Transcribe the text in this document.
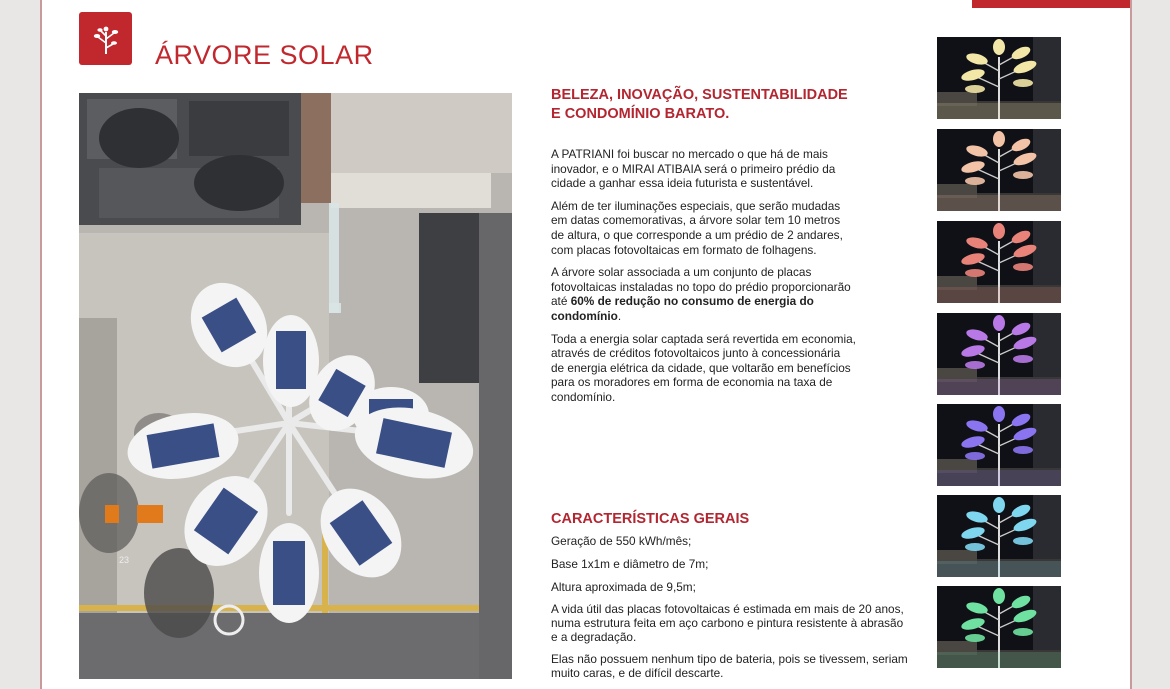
ÁRVORE SOLAR
23
BELEZA, INOVAÇÃO, SUSTENTABILIDADE
E CONDOMÍNIO BARATO.

A PATRIANI foi buscar no mercado o que há de mais inovador, e o MIRAI ATIBAIA será o primeiro prédio da cidade a ganhar essa ideia futurista e sustentável.

Além de ter iluminações especiais, que serão mudadas em datas comemorativas, a árvore solar tem 10 metros de altura, o que corresponde a um prédio de 2 andares, com placas fotovoltaicas em formato de folhagens.

A árvore solar associada a um conjunto de placas fotovoltaicas instaladas no topo do prédio proporcionarão até 60% de redução no consumo de energia do condomínio.

Toda a energia solar captada será revertida em economia, através de créditos fotovoltaicos junto à concessionária de energia elétrica da cidade, que voltarão em benefícios para os moradores em forma de economia na taxa de condomínio.

CARACTERÍSTICAS GERAIS
Geração de 550 kWh/mês;
Base 1x1m e diâmetro de 7m;
Altura aproximada de 9,5m;
A vida útil das placas fotovoltaicas é estimada em mais de 20 anos, numa estrutura feita em aço carbono e pintura resistente à abrasão e a degradação.
Elas não possuem nenhum tipo de bateria, pois se tivessem, seriam muito caras, e de difícil descarte.
